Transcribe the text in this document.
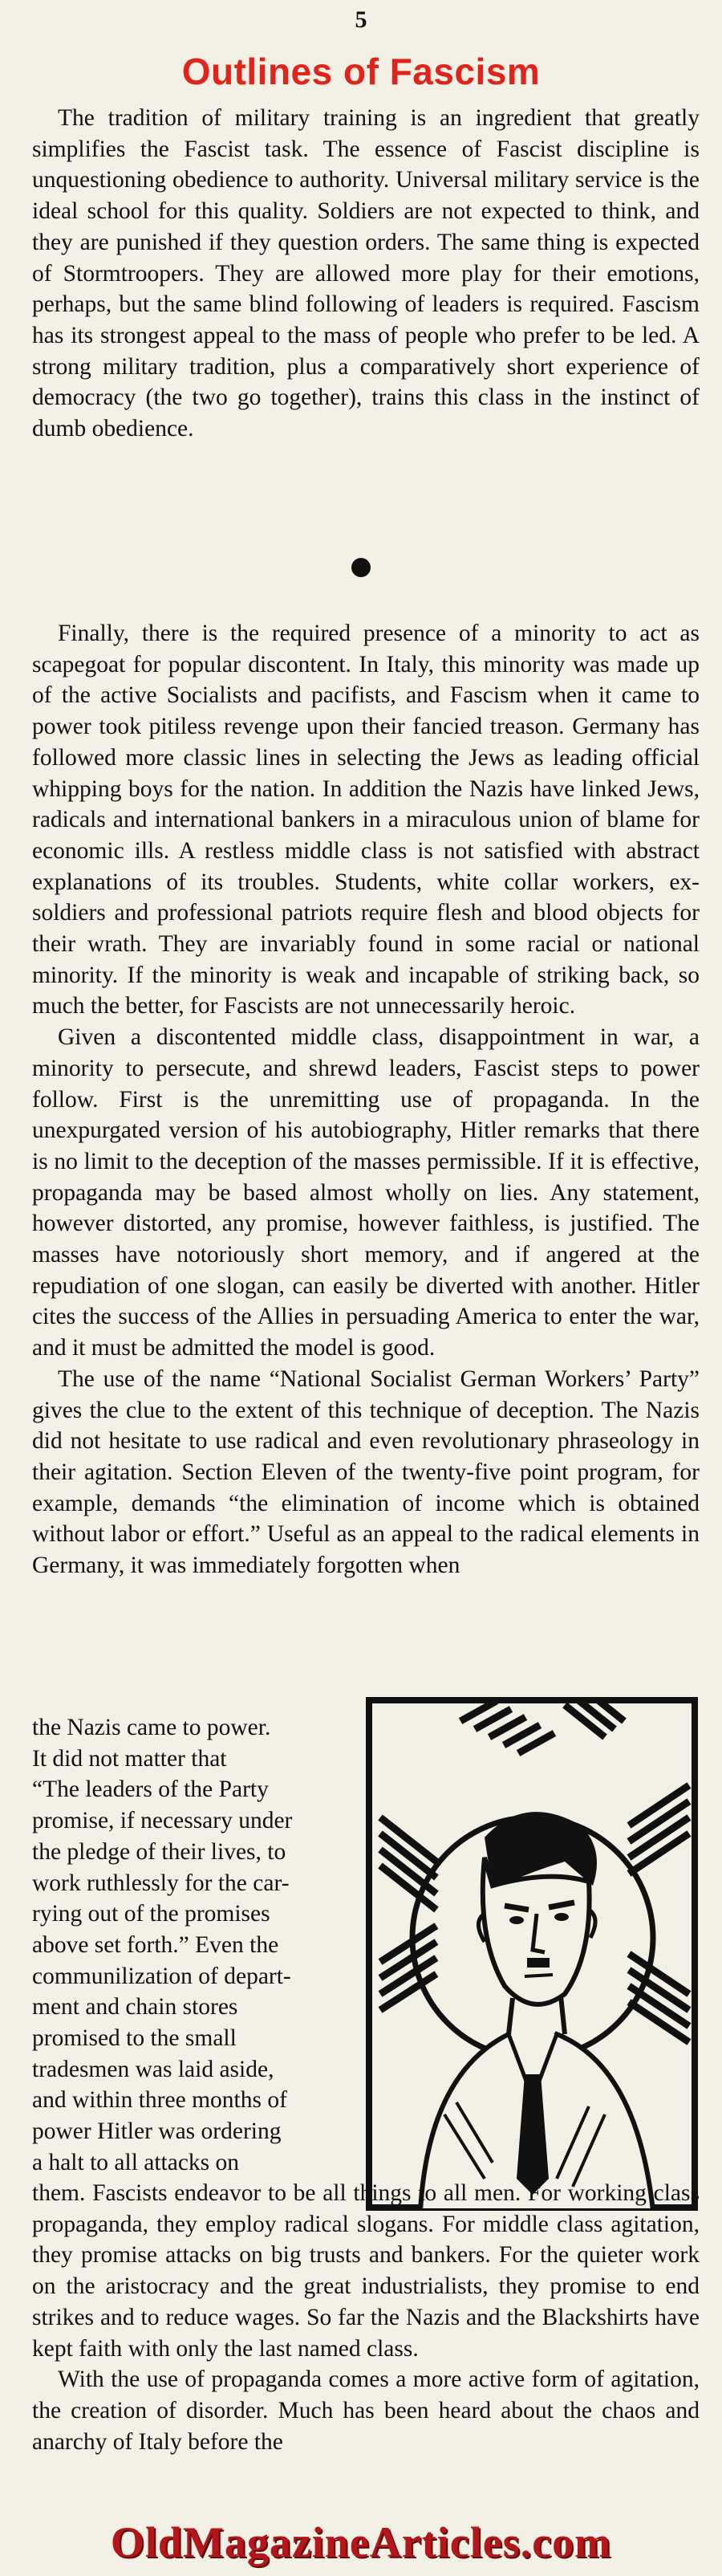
5
Outlines of Fascism

The tradition of military training is an ingredient that greatly simplifies the Fascist task. The essence of Fascist discipline is unquestioning obedience to authority. Universal military service is the ideal school for this quality. Soldiers are not expected to think, and they are punished if they question orders. The same thing is expected of Stormtroopers. They are allowed more play for their emotions, perhaps, but the same blind following of leaders is required. Fascism has its strongest appeal to the mass of people who prefer to be led. A strong military tradition, plus a comparatively short experience of democracy (the two go together), trains this class in the instinct of dumb obedience.

Finally, there is the required presence of a minority to act as scapegoat for popular discontent. In Italy, this minority was made up of the active Socialists and pacifists, and Fascism when it came to power took pitiless revenge upon their fancied treason. Germany has followed more classic lines in selecting the Jews as leading official whipping boys for the nation. In addition the Nazis have linked Jews, radicals and international bankers in a miraculous union of blame for economic ills. A restless middle class is not satisfied with abstract explanations of its troubles. Students, white collar workers, ex-soldiers and professional patriots require flesh and blood objects for their wrath. They are invariably found in some racial or national minority. If the minority is weak and incapable of striking back, so much the better, for Fascists are not unnecessarily heroic.

Given a discontented middle class, disappointment in war, a minority to persecute, and shrewd leaders, Fascist steps to power follow. First is the unremitting use of propaganda. In the unexpurgated version of his autobiography, Hitler remarks that there is no limit to the deception of the masses permissible. If it is effective, propaganda may be based almost wholly on lies. Any statement, however distorted, any promise, however faithless, is justified. The masses have notoriously short memory, and if angered at the repudiation of one slogan, can easily be diverted with another. Hitler cites the success of the Allies in persuading America to enter the war, and it must be admitted the model is good.

The use of the name “National Socialist German Workers’ Party” gives the clue to the extent of this technique of deception. The Nazis did not hesitate to use radical and even revolutionary phraseology in their agitation. Section Eleven of the twenty-five point program, for example, demands “the elimination of income which is obtained without labor or effort.” Useful as an appeal to the radical elements in Germany, it was immediately forgotten when

the Nazis came to power.
It did not matter that
“The leaders of the Party
promise, if necessary under
the pledge of their lives, to
work ruthlessly for the car-
rying out of the promises
above set forth.” Even the
communilization of depart-
ment and chain stores
promised to the small
tradesmen was laid aside,
and within three months of
power Hitler was ordering
a halt to all attacks on

them. Fascists endeavor to be all things to all men. For working class propaganda, they employ radical slogans. For middle class agitation, they promise attacks on big trusts and bankers. For the quieter work on the aristocracy and the great industrialists, they promise to end strikes and to reduce wages. So far the Nazis and the Blackshirts have kept faith with only the last named class.

With the use of propaganda comes a more active form of agitation, the creation of disorder. Much has been heard about the chaos and anarchy of Italy before the

OldMagazineArticles.com
